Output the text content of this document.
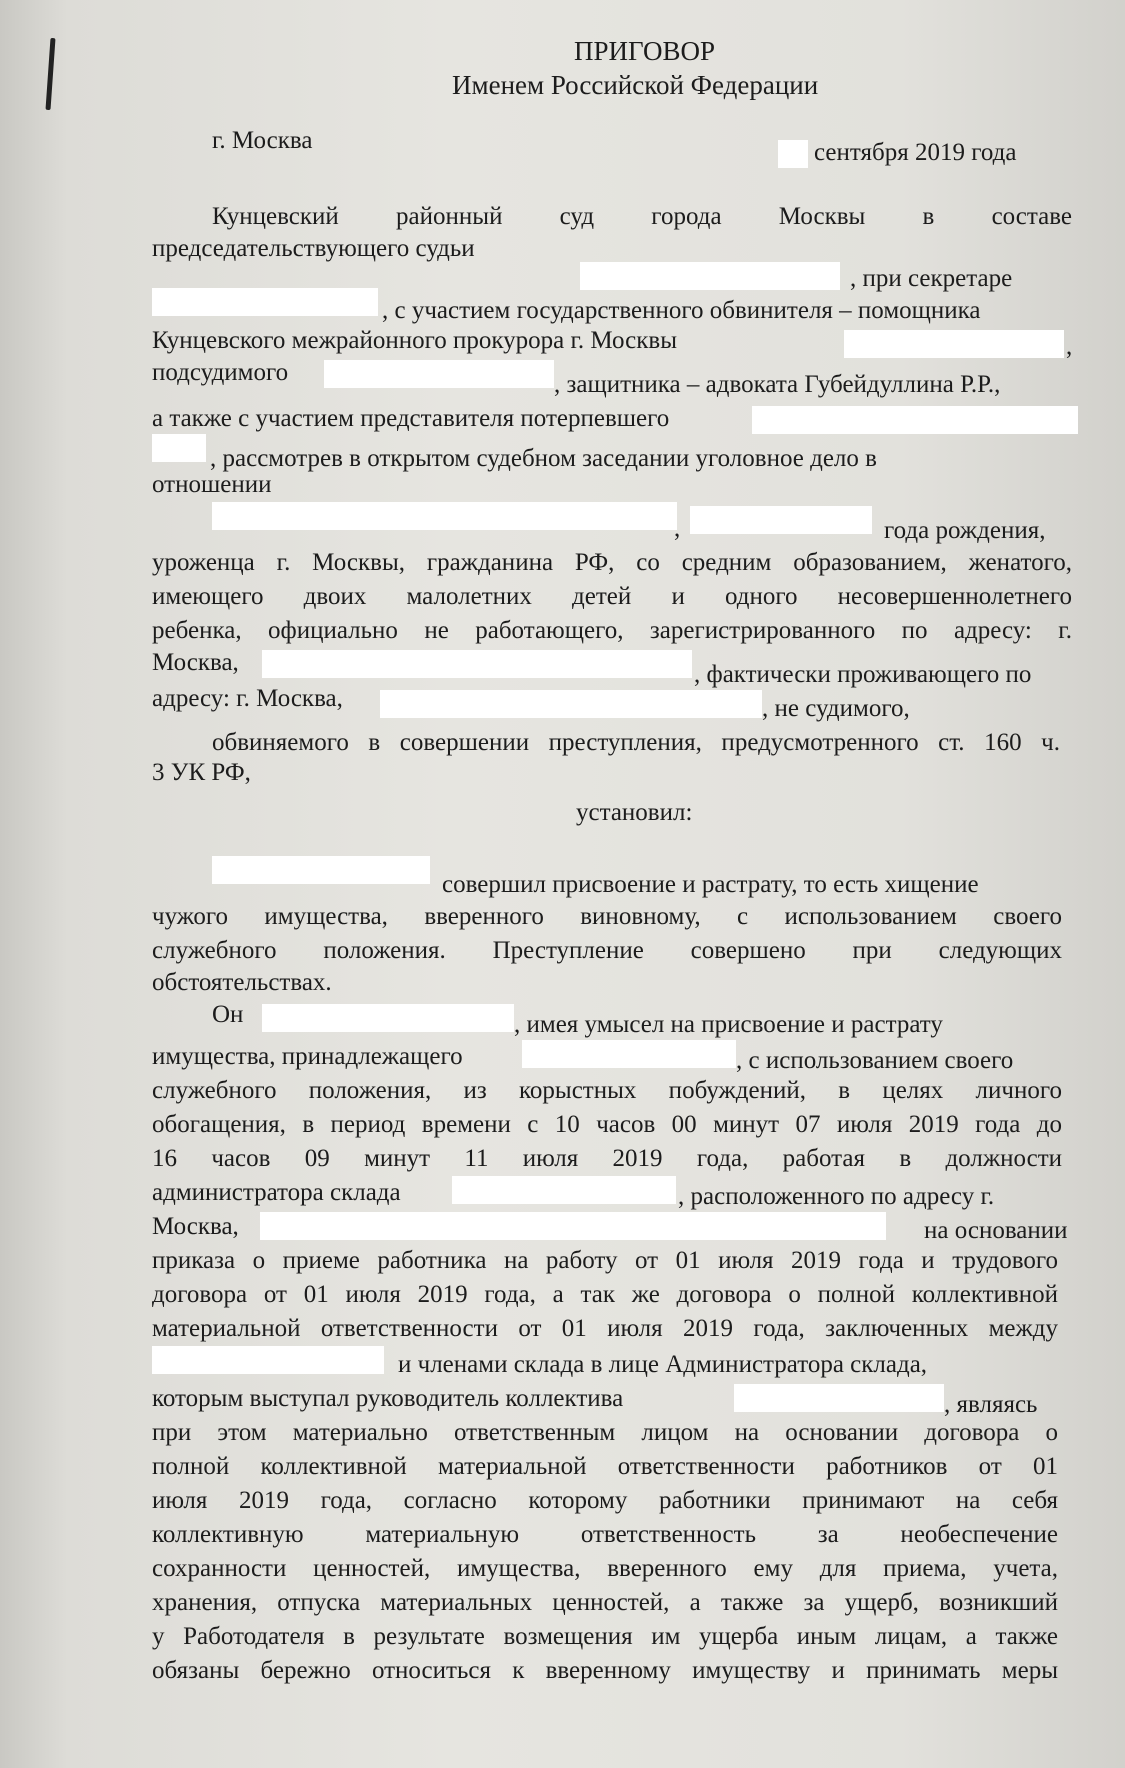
ПРИГОВОР
Именем Российской Федерации
г. Москва	сентября 2019 года
Кунцевский районный суд города Москвы в составе
председательствующего судьи
, при секретаре
, с участием государственного обвинителя – помощника
Кунцевского межрайонного прокурора г. Москвы	,
подсудимого	, защитника – адвоката Губейдуллина Р.Р.,
а также с участием представителя потерпевшего
, рассмотрев в открытом судебном заседании уголовное дело в
отношении
,	года рождения,
уроженца г. Москвы, гражданина РФ, со средним образованием, женатого,
имеющего двоих малолетних детей и одного несовершеннолетнего
ребенка, официально не работающего, зарегистрированного по адресу: г.
Москва,	, фактически проживающего по
адресу: г. Москва,	, не судимого,
обвиняемого в совершении преступления, предусмотренного ст. 160 ч.
3 УК РФ,
установил:
совершил присвоение и растрату, то есть хищение
чужого имущества, вверенного виновному, с использованием своего
служебного положения. Преступление совершено при следующих
обстоятельствах.
Он	, имея умысел на присвоение и растрату
имущества, принадлежащего	, с использованием своего
служебного положения, из корыстных побуждений, в целях личного
обогащения, в период времени с 10 часов 00 минут 07 июля 2019 года до
16 часов 09 минут 11 июля 2019 года, работая в должности
администратора склада	, расположенного по адресу г.
Москва,	на основании
приказа о приеме работника на работу от 01 июля 2019 года и трудового
договора от 01 июля 2019 года, а так же договора о полной коллективной
материальной ответственности от 01 июля 2019 года, заключенных между
и членами склада в лице Администратора склада,
которым выступал руководитель коллектива	, являясь
при этом материально ответственным лицом на основании договора о
полной коллективной материальной ответственности работников от 01
июля 2019 года, согласно которому работники принимают на себя
коллективную материальную ответственность за необеспечение
сохранности ценностей, имущества, вверенного ему для приема, учета,
хранения, отпуска материальных ценностей, а также за ущерб, возникший
у Работодателя в результате возмещения им ущерба иным лицам, а также
обязаны бережно относиться к вверенному имуществу и принимать меры
